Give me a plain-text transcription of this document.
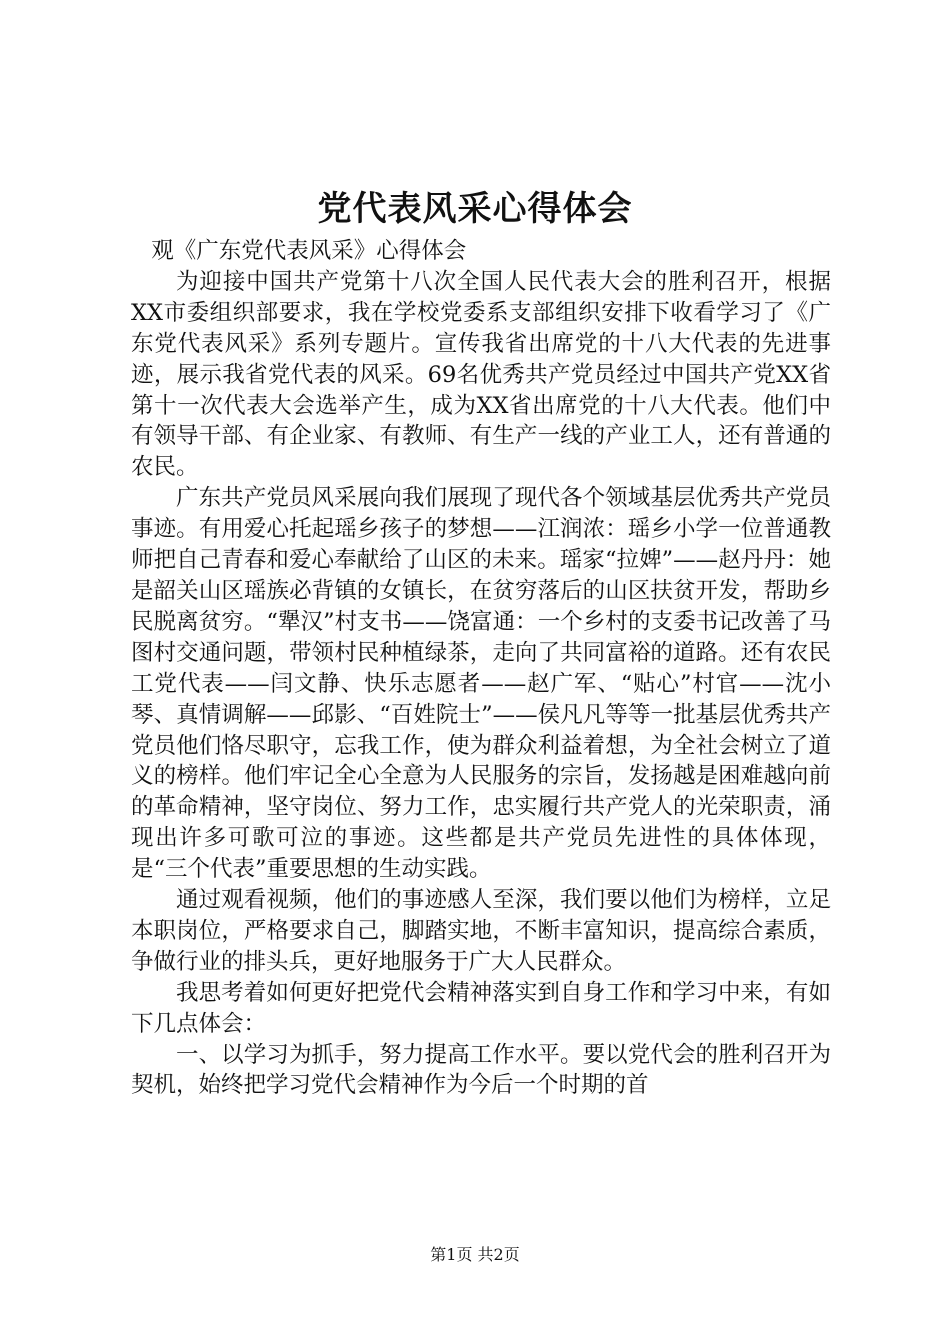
党代表风采心得体会

观《广东党代表风采》心得体会

为迎接中国共产党第十八次全国人民代表大会的胜利召开，根据XX市委组织部要求，我在学校党委系支部组织安排下收看学习了《广东党代表风采》系列专题片。宣传我省出席党的十八大代表的先进事迹，展示我省党代表的风采。69名优秀共产党员经过中国共产党XX省第十一次代表大会选举产生，成为XX省出席党的十八大代表。他们中有领导干部、有企业家、有教师、有生产一线的产业工人，还有普通的农民。

广东共产党员风采展向我们展现了现代各个领域基层优秀共产党员事迹。有用爱心托起瑶乡孩子的梦想——江润浓：瑶乡小学一位普通教师把自己青春和爱心奉献给了山区的未来。瑶家“拉婢”——赵丹丹：她是韶关山区瑶族必背镇的女镇长，在贫穷落后的山区扶贫开发，帮助乡民脱离贫穷。“犟汉”村支书——饶富通：一个乡村的支委书记改善了马图村交通问题，带领村民种植绿茶，走向了共同富裕的道路。还有农民工党代表——闫文静、快乐志愿者——赵广军、“贴心”村官——沈小琴、真情调解——邱影、“百姓院士”——侯凡凡等等一批基层优秀共产党员他们恪尽职守，忘我工作，使为群众利益着想，为全社会树立了道义的榜样。他们牢记全心全意为人民服务的宗旨，发扬越是困难越向前的革命精神，坚守岗位、努力工作，忠实履行共产党人的光荣职责，涌现出许多可歌可泣的事迹。这些都是共产党员先进性的具体体现，是“三个代表”重要思想的生动实践。

通过观看视频，他们的事迹感人至深，我们要以他们为榜样，立足本职岗位，严格要求自己，脚踏实地，不断丰富知识，提高综合素质，争做行业的排头兵，更好地服务于广大人民群众。

我思考着如何更好把党代会精神落实到自身工作和学习中来，有如下几点体会：

一、以学习为抓手，努力提高工作水平。要以党代会的胜利召开为契机，始终把学习党代会精神作为今后一个时期的首

第1页 共2页
